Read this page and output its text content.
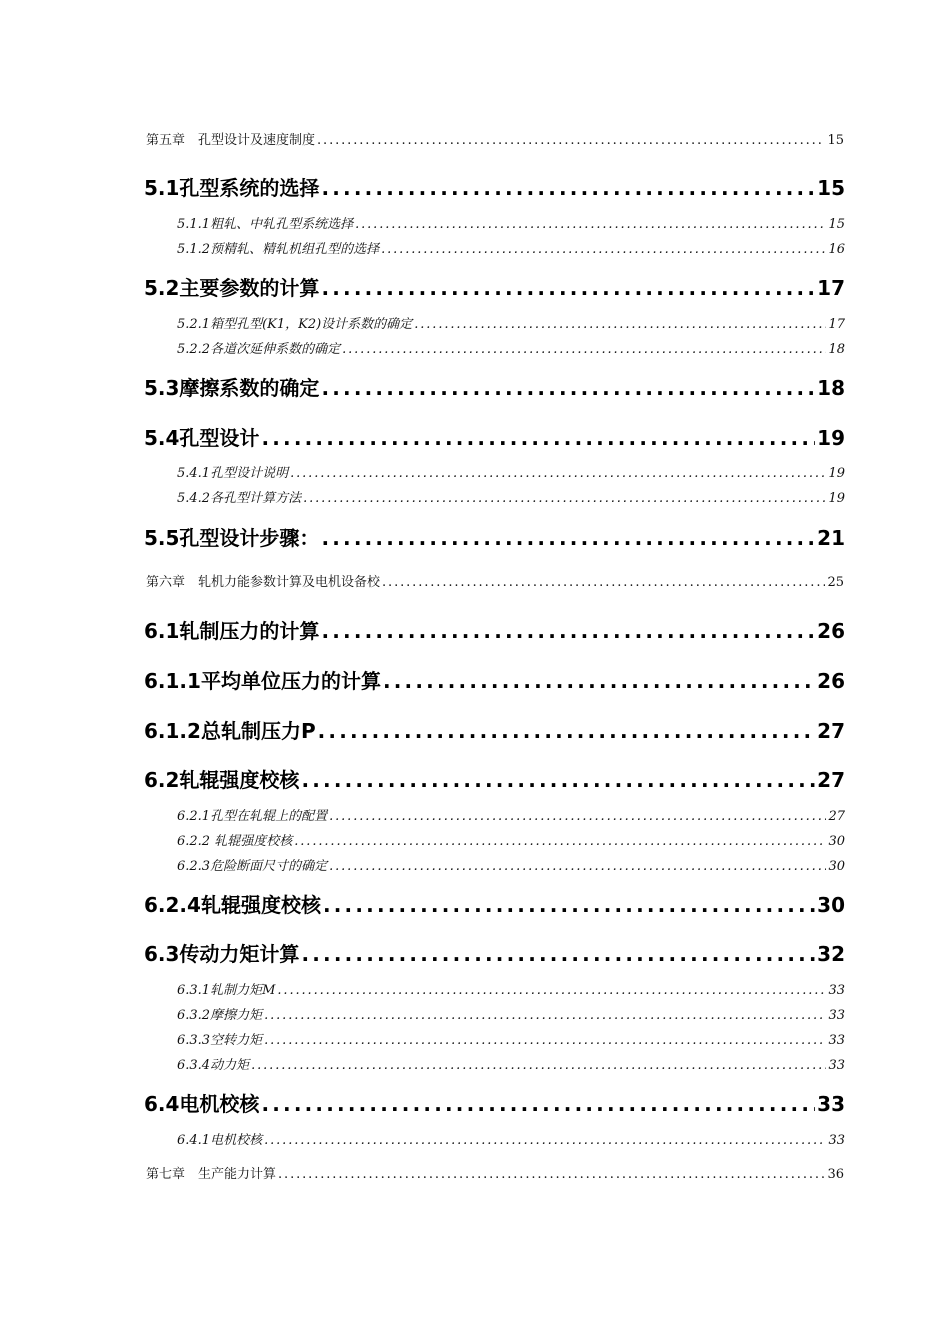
第五章　孔型设计及速度制度 .....	15
5.1孔型系统的选择 .....	15
5.1.1粗轧、中轧孔型系统选择 .....	15
5.1.2预精轧、精轧机组孔型的选择 .....	16
5.2主要参数的计算 .....	17
5.2.1箱型孔型(K1，K2)设计系数的确定 .....	17
5.2.2各道次延伸系数的确定 .....	18
5.3摩擦系数的确定 .....	18
5.4孔型设计 .....	19
5.4.1孔型设计说明 .....	19
5.4.2各孔型计算方法 .....	19
5.5孔型设计步骤： .....	21
第六章　轧机力能参数计算及电机设备校 .....	25
6.1轧制压力的计算 .....	26
6.1.1平均单位压力的计算 .....	26
6.1.2总轧制压力P .....	27
6.2轧辊强度校核 .....	27
6.2.1孔型在轧辊上的配置 .....	27
6.2.2 轧辊强度校核 .....	30
6.2.3危险断面尺寸的确定 .....	30
6.2.4轧辊强度校核 .....	30
6.3传动力矩计算 .....	32
6.3.1轧制力矩M .....	33
6.3.2摩擦力矩 .....	33
6.3.3空转力矩 .....	33
6.3.4动力矩 .....	33
6.4电机校核 .....	33
6.4.1电机校核 .....	33
第七章　生产能力计算 .....	36
